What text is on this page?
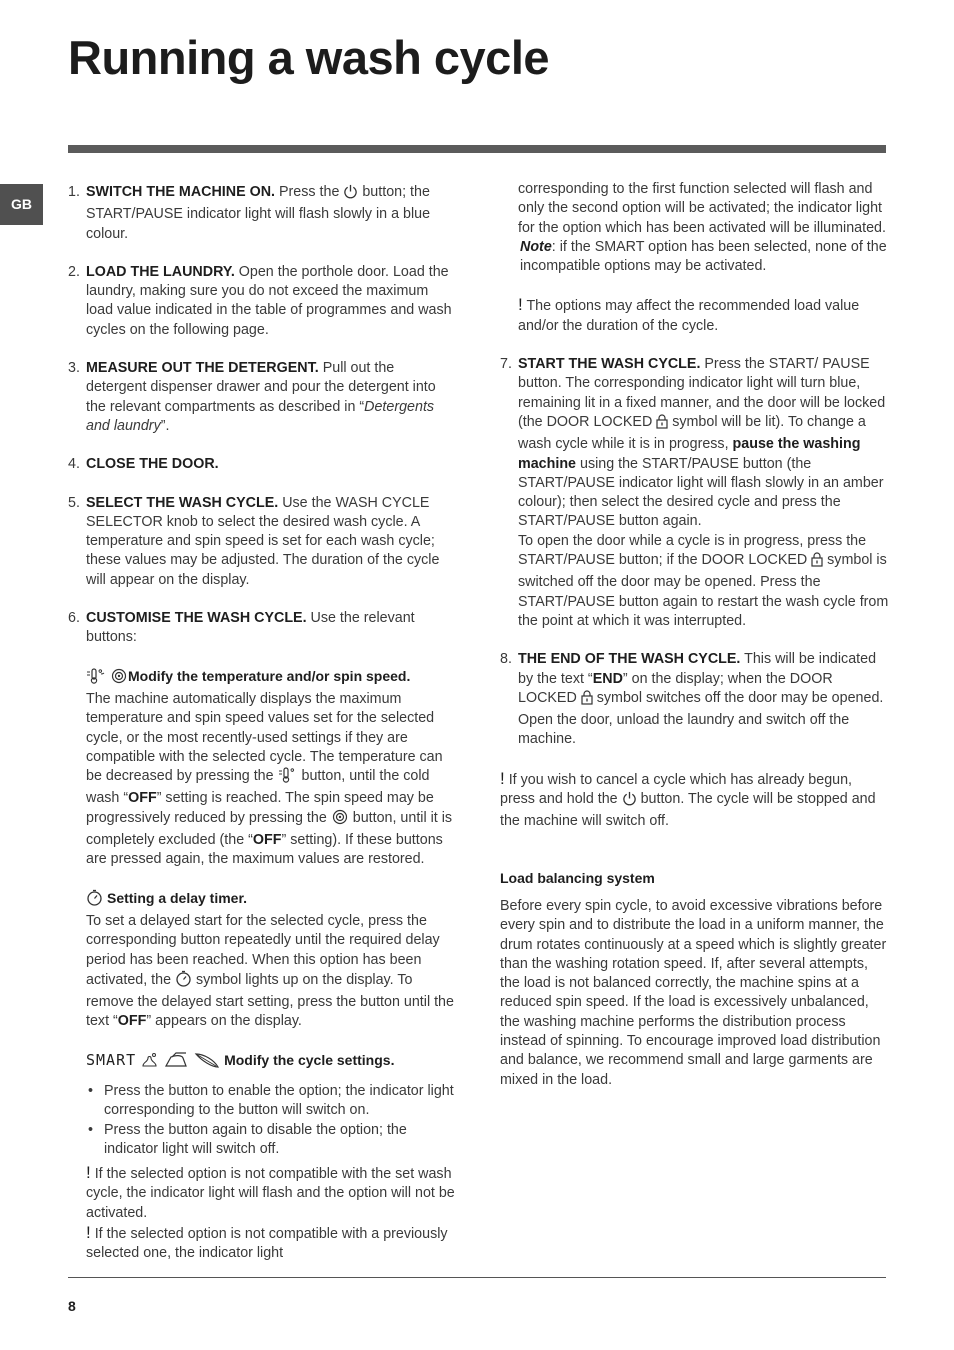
Running a wash cycle
GB
1. SWITCH THE MACHINE ON. Press the  button; the START/PAUSE indicator light will flash slowly in a blue colour.
2. LOAD THE LAUNDRY. Open the porthole door. Load the laundry, making sure you do not exceed the maximum load value indicated in the table of programmes and wash cycles on the following page.
3. MEASURE OUT THE DETERGENT. Pull out the detergent dispenser drawer and pour the detergent into the relevant compartments as described in “Detergents and laundry”.
4. CLOSE THE DOOR.
5. SELECT THE WASH CYCLE. Use the WASH CYCLE SELECTOR knob to select the desired wash cycle. A temperature and spin speed is set for each wash cycle; these values may be adjusted. The duration of the cycle will appear on the display.
6. CUSTOMISE THE WASH CYCLE. Use the relevant buttons:
Modify the temperature and/or spin speed.
The machine automatically displays the maximum temperature and spin speed values set for the selected cycle, or the most recently-used settings if they are compatible with the selected cycle. The temperature can be decreased by pressing the  button, until the cold wash “OFF” setting is reached. The spin speed may be progressively reduced by pressing the  button, until it is completely excluded (the “OFF” setting). If these buttons are pressed again, the maximum values are restored.
Setting a delay timer.
To set a delayed start for the selected cycle, press the corresponding button repeatedly until the required delay period has been reached. When this option has been activated, the  symbol lights up on the display. To remove the delayed start setting, press the button until the text “OFF” appears on the display.
SMART	Modify the cycle settings.
• Press the button to enable the option; the indicator light corresponding to the button will switch on.
• Press the button again to disable the option; the indicator light will switch off.
! If the selected option is not compatible with the set wash cycle, the indicator light will flash and the option will not be activated.
! If the selected option is not compatible with a previously selected one, the indicator light
corresponding to the first function selected will flash and only the second option will be activated; the indicator light for the option which has been activated will be illuminated.
Note: if the SMART option has been selected, none of the incompatible options may be activated.
! The options may affect the recommended load value and/or the duration of the cycle.
7. START THE WASH CYCLE. Press the START/ PAUSE button. The corresponding indicator light will turn blue, remaining lit in a fixed manner, and the door will be locked (the DOOR LOCKED  symbol will be lit). To change a wash cycle while it is in progress, pause the washing machine using the START/PAUSE button (the START/PAUSE indicator light will flash slowly in an amber colour); then select the desired cycle and press the START/PAUSE button again.
To open the door while a cycle is in progress, press the START/PAUSE button; if the DOOR LOCKED  symbol is switched off the door may be opened. Press the START/PAUSE button again to restart the wash cycle from the point at which it was interrupted.
8. THE END OF THE WASH CYCLE. This will be indicated by the text “END” on the display; when the DOOR LOCKED  symbol switches off the door may be opened. Open the door, unload the laundry and switch off the machine.
! If you wish to cancel a cycle which has already begun, press and hold the  button. The cycle will be stopped and the machine will switch off.
Load balancing system
Before every spin cycle, to avoid excessive vibrations before every spin and to distribute the load in a uniform manner, the drum rotates continuously at a speed which is slightly greater than the washing rotation speed. If, after several attempts, the load is not balanced correctly, the machine spins at a reduced spin speed. If the load is excessively unbalanced, the washing machine performs the distribution process instead of spinning. To encourage improved load distribution and balance, we recommend small and large garments are mixed in the load.
8
